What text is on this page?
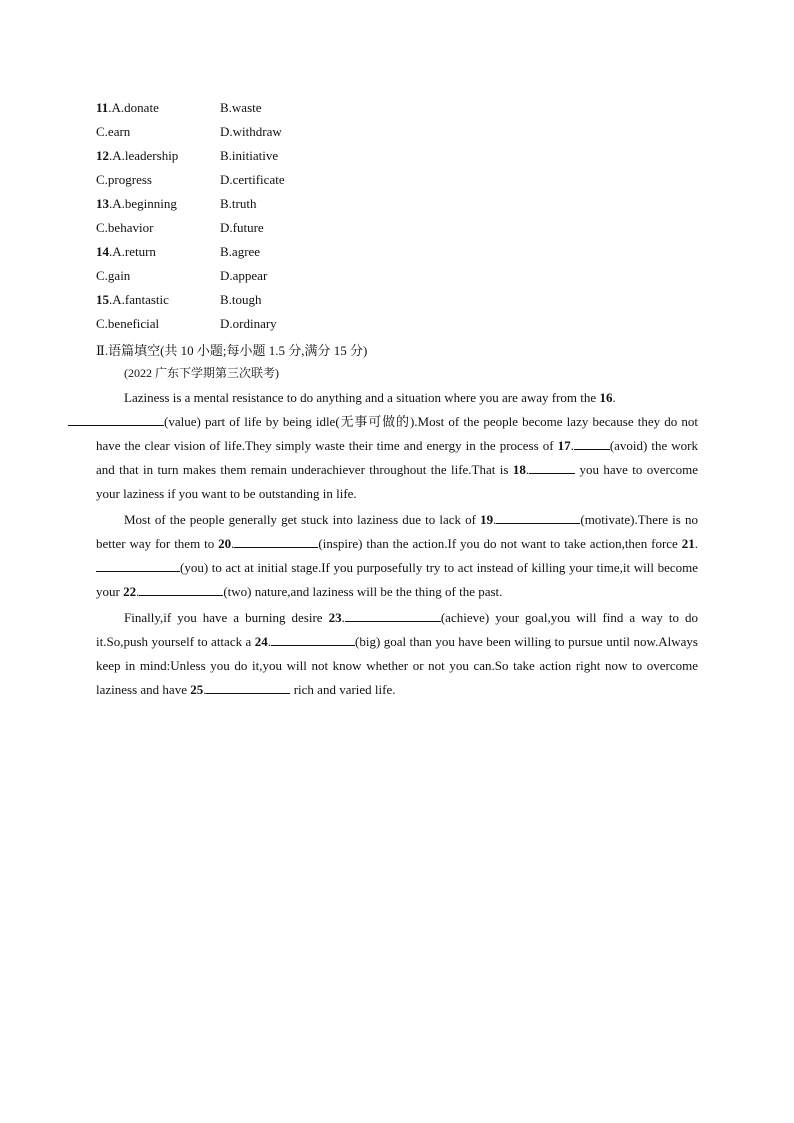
11.A.donate	B.waste
C.earn	D.withdraw
12.A.leadership	B.initiative
C.progress	D.certificate
13.A.beginning	B.truth
C.behavior	D.future
14.A.return	B.agree
C.gain	D.appear
15.A.fantastic	B.tough
C.beneficial	D.ordinary
Ⅱ.语篇填空(共 10 小题;每小题 1.5 分,满分 15 分)
(2022 广东下学期第三次联考)

Laziness is a mental resistance to do anything and a situation where you are away from the 16.
(value) part of life by being idle(无事可做的).Most of the people become lazy because they do not have the clear vision of life.They simply waste their time and energy in the process of 17.	(avoid) the work and that in turn makes them remain underachiever throughout the life.That is 18.	you have to overcome your laziness if you want to be outstanding in life.

Most of the people generally get stuck into laziness due to lack of 19.	(motivate).There is no better way for them to 20.	(inspire) than the action.If you do not want to take action,then force 21.(you) to act at initial stage.If you purposefully try to act instead of killing your time,it will become your 22.	(two) nature,and laziness will be the thing of the past.

Finally,if you have a burning desire 23.	(achieve) your goal,you will find a way to do it.So,push yourself to attack a 24.	(big) goal than you have been willing to pursue until now.Always keep in mind:Unless you do it,you will not know whether or not you can.So take action right now to overcome laziness and have 25.	rich and varied life.
